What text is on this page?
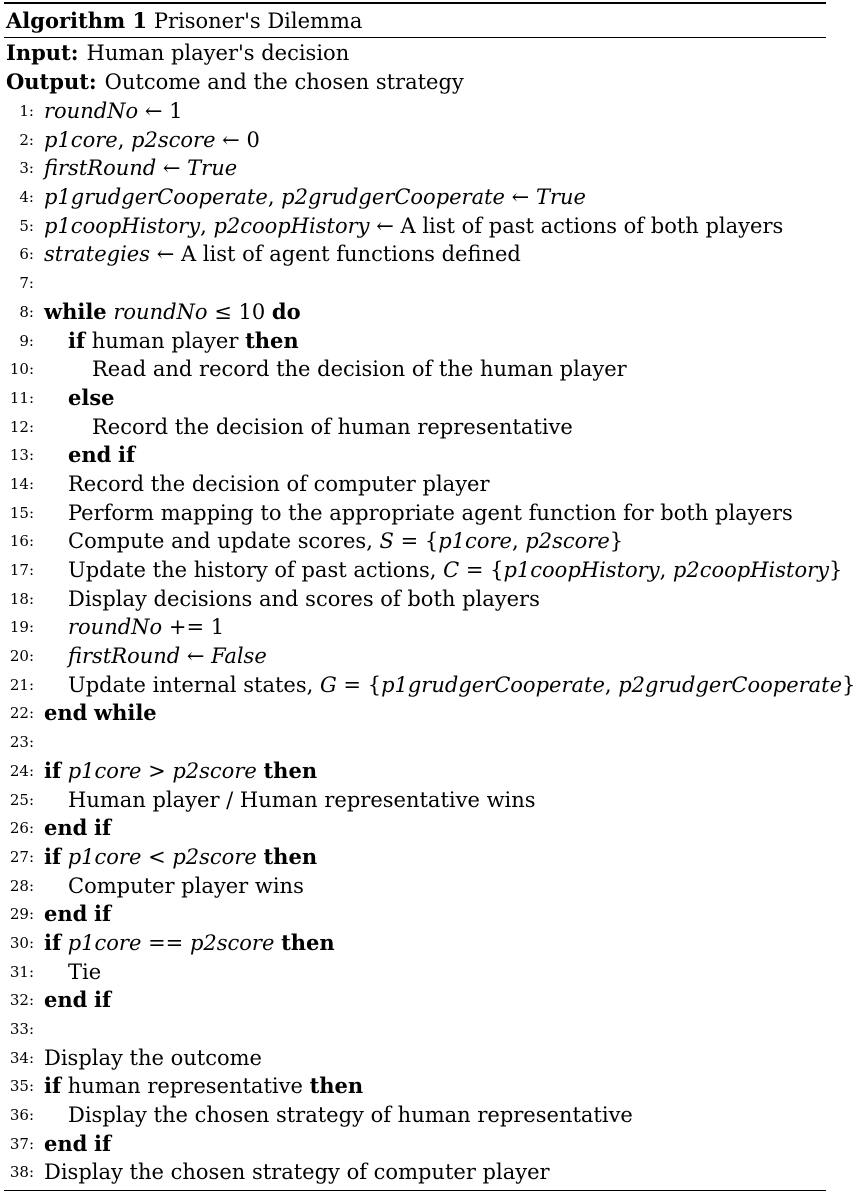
Algorithm 1 Prisoner's Dilemma
Input: Human player's decision
Output: Outcome and the chosen strategy
1: roundNo ← 1
2: p1core, p2score ← 0
3: firstRound ← True
4: p1grudgerCooperate, p2grudgerCooperate ← True
5: p1coopHistory, p2coopHistory ← A list of past actions of both players
6: strategies ← A list of agent functions defined
7:
8: while roundNo ≤ 10 do
9:	if human player then
10:	Read and record the decision of the human player
11:	else
12:	Record the decision of human representative
13:	end if
14:	Record the decision of computer player
15:	Perform mapping to the appropriate agent function for both players
16:	Compute and update scores, S = {p1core, p2score}
17:	Update the history of past actions, C = {p1coopHistory, p2coopHistory}
18:	Display decisions and scores of both players
19:	roundNo += 1
20:	firstRound ← False
21:	Update internal states, G = {p1grudgerCooperate, p2grudgerCooperate}
22: end while
23:
24: if p1core > p2score then
25:	Human player / Human representative wins
26: end if
27: if p1core < p2score then
28:	Computer player wins
29: end if
30: if p1core == p2score then
31:	Tie
32: end if
33:
34: Display the outcome
35: if human representative then
36:	Display the chosen strategy of human representative
37: end if
38: Display the chosen strategy of computer player
